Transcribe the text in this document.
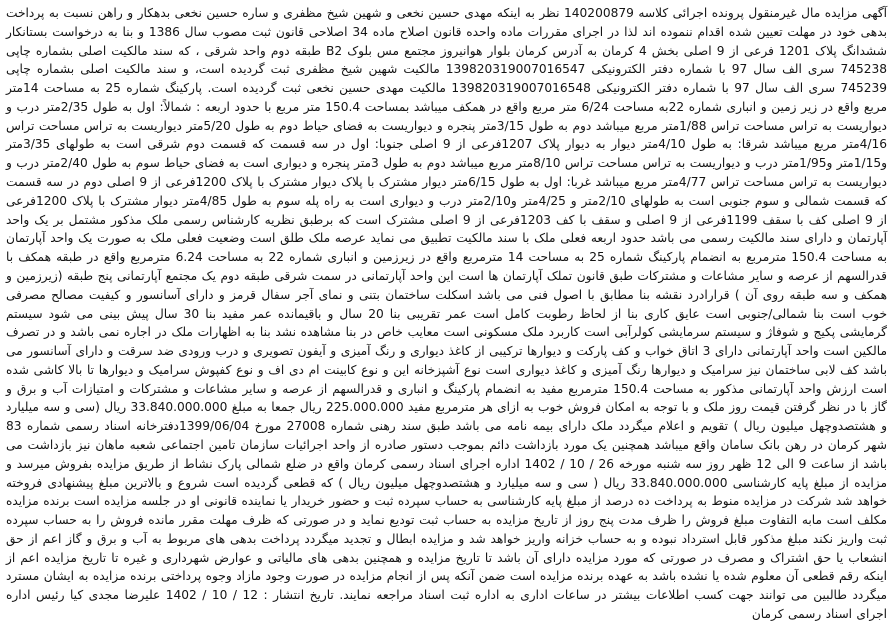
آگهی مزایده مال غیرمنقول پرونده اجرائی کلاسه 140200879 نظر به اینکه مهدی حسین نخعی و شهین شیخ مظفری و ساره حسین نخعی بدهکار و راهن نسبت به پرداخت بدهی خود در مهلت تعیین شده اقدام ننموده اند لذا در اجرای مقررات ماده واحده قانون اصلاح ماده 34 اصلاحی قانون ثبت مصوب سال 1386 و بنا به درخواست بستانکار ششدانگ پلاک 1201 فرعی از 9 اصلی بخش 4 کرمان به آدرس کرمان بلوار هوانیروز مجتمع مس بلوک B2 طبقه دوم واحد شرقی ، که سند مالکیت اصلی بشماره چاپی 745238 سری الف سال 97 با شماره دفتر الکترونیکی 139820319007016547 مالکیت شهین شیخ مظفری ثبت گردیده است، و سند مالکیت اصلی بشماره چاپی 745239 سری الف سال 97 با شماره دفتر الکترونیکی 139820319007016548 مالکیت مهدی حسین نخعی ثبت گردیده است. پارکینگ شماره 25 به مساحت 14متر مربع واقع در زیر زمین و انباری شماره 22به مساحت 6/24 متر مربع واقع در همکف میباشد بمساحت 150.4 متر مربع با حدود اربعه : شمالاً: اول به طول 2/35متر درب و دیواریست به تراس مساحت تراس 1/88متر مربع میباشد دوم به طول 3/15متر پنجره و دیواریست به فضای حیاط دوم به طول 5/20متر دیواریست به تراس مساحت تراس 4/16متر مربع میباشد شرقا: به طول 4/10متر دیوار به دیوار پلاک 1207فرعی از 9 اصلی جنوبا: اول در سه قسمت که قسمت دوم شرقی است به طولهای 3/35متر و1/15متر و1/95متر درب و دیواریست به تراس مساحت تراس 8/10متر مربع میباشد دوم به طول 3متر پنجره و دیواری است به فضای حیاط سوم به طول 2/40متر درب و دیواریست به تراس مساحت تراس 4/77متر مربع میباشد غربا: اول به طول 6/15متر دیوار مشترک با پلاک دیوار مشترک با پلاک 1200فرعی از 9 اصلی دوم در سه قسمت که قسمت شمالی و سوم جنوبی است به طولهای 2/10متر و 4/25متر و2/10متر درب و دیواری است به راه پله سوم به طول 4/85متر دیوار مشترک با پلاک 1200فرعی از 9 اصلی کف با سقف 1199فرعی از 9 اصلی و سقف با کف 1203فرعی از 9 اصلی مشترک است که برطبق نظریه کارشناس رسمی ملک مذکور مشتمل بر یک واحد آپارتمان و دارای سند مالکیت رسمی می باشد حدود اربعه فعلی ملک با سند مالکیت تطبیق می نماید عرصه ملک طلق است وضعیت فعلی ملک به صورت یک واحد آپارتمان به مساحت 150.4 مترمربع به انضمام پارکینگ شماره 25 به مساحت 14 مترمربع واقع در زیرزمین و انباری شماره 22 به مساحت 6.24 مترمربع واقع در طبقه همکف با قدرالسهم از عرصه و سایر مشاعات و مشترکات طبق قانون تملک آپارتمان ها است این واحد آپارتمانی در سمت شرقی طبقه دوم یک مجتمع آپارتمانی پنج طبقه (زیرزمین و همکف و سه طبقه روی آن ) قرارادرد نقشه بنا مطابق با اصول فنی می باشد اسکلت ساختمان بتنی و نمای آجر سفال قرمز و دارای آسانسور و کیفیت مصالح مصرفی خوب است بنا شمالی/جنوبی است عایق کاری بنا از لحاظ رطوبت کامل است عمر تقریبی بنا 20 سال و باقیمانده عمر مفید بنا 30 سال پیش بینی می شود سیستم گرمایشی پکیج و شوفاژ و سیستم سرمایشی کولرآبی است کاربرد ملک مسکونی است معایب خاص در بنا مشاهده نشد بنا به اظهارات ملک در اجاره نمی باشد و در تصرف مالکین است واحد آپارتمانی دارای 3 اتاق خواب و کف پارکت و دیوارها ترکیبی از کاغذ دیواری و رنگ آمیزی و آیفون تصویری و درب ورودی ضد سرقت و دارای آسانسور می باشد کف لابی ساختمان نیز سرامیک و دیوارها رنگ آمیزی و کاغذ دیواری است نوع آشپزخانه این و نوع کابینت ام دی اف و نوع کفپوش سرامیک و دیوارها تا بالا کاشی شده است ارزش واحد آپارتمانی مذکور به مساحت 150.4 مترمربع مفید به انضمام پارکینگ و انباری و قدرالسهم از عرصه و سایر مشاعات و مشترکات و امتیازات آب و برق و گاز با در نظر گرفتن قیمت روز ملک و با توجه به امکان فروش خوب به ازای هر مترمربع مفید 225.000.000 ریال جمعا به مبلغ 33.840.000.000 ریال (سی و سه میلیارد و هشتصدوچهل میلیون ریال ) تقویم و اعلام میگردد ملک دارای بیمه نامه می باشد طبق سند رهنی شماره 27008 مورخ 1399/06/04دفترخانه اسناد رسمی شماره 83 شهر کرمان در رهن بانک سامان واقع میباشد همچنین یک مورد بازداشت دائم بموجب دستور صادره از واحد اجرائیات سازمان تامین اجتماعی شعبه ماهان نیز بازداشت می باشد از ساعت 9 الی 12 ظهر روز سه شنبه مورخه 26 / 10 / 1402 اداره اجرای اسناد رسمی کرمان واقع در ضلع شمالی پارک نشاط از طریق مزایده بفروش میرسد و مزایده از مبلغ پایه کارشناسی 33.840.000.000 ریال ( سی و سه میلیارد و هشتصدوچهل میلیون ریال ) که قطعی گردیده است شروع و بالاترین مبلغ پیشنهادی فروخته خواهد شد شرکت در مزایده منوط به پرداخت ده درصد از مبلغ پایه کارشناسی به حساب سپرده ثبت و حضور خریدار یا نماینده قانونی او در جلسه مزایده است برنده مزایده مکلف است مابه التفاوت مبلغ فروش را ظرف مدت پنج روز از تاریخ مزایده به حساب ثبت تودیع نماید و در صورتی که ظرف مهلت مقرر مانده فروش را به حساب سپرده ثبت واریز نکند مبلغ مذکور قابل استرداد نبوده و به حساب خزانه واریز خواهد شد و مزایده ابطال و تجدید میگردد پرداخت بدهی های مربوط به آب و برق و گاز اعم از حق انشعاب یا حق اشتراک و مصرف در صورتی که مورد مزایده دارای آن باشد تا تاریخ مزایده و همچنین بدهی های مالیاتی و عوارض شهرداری و غیره تا تاریخ مزایده اعم از اینکه رقم قطعی آن معلوم شده یا نشده باشد به عهده برنده مزایده است ضمن آنکه پس از انجام مزایده در صورت وجود مازاد وجوه پرداختی برنده مزایده به ایشان مسترد میگردد طالبین می توانند جهت کسب اطلاعات بیشتر در ساعات اداری به اداره ثبت اسناد مراجعه نمایند. تاریخ انتشار : 12 / 10 / 1402 علیرضا مجدی کیا رئیس اداره اجرای اسناد رسمی کرمان
